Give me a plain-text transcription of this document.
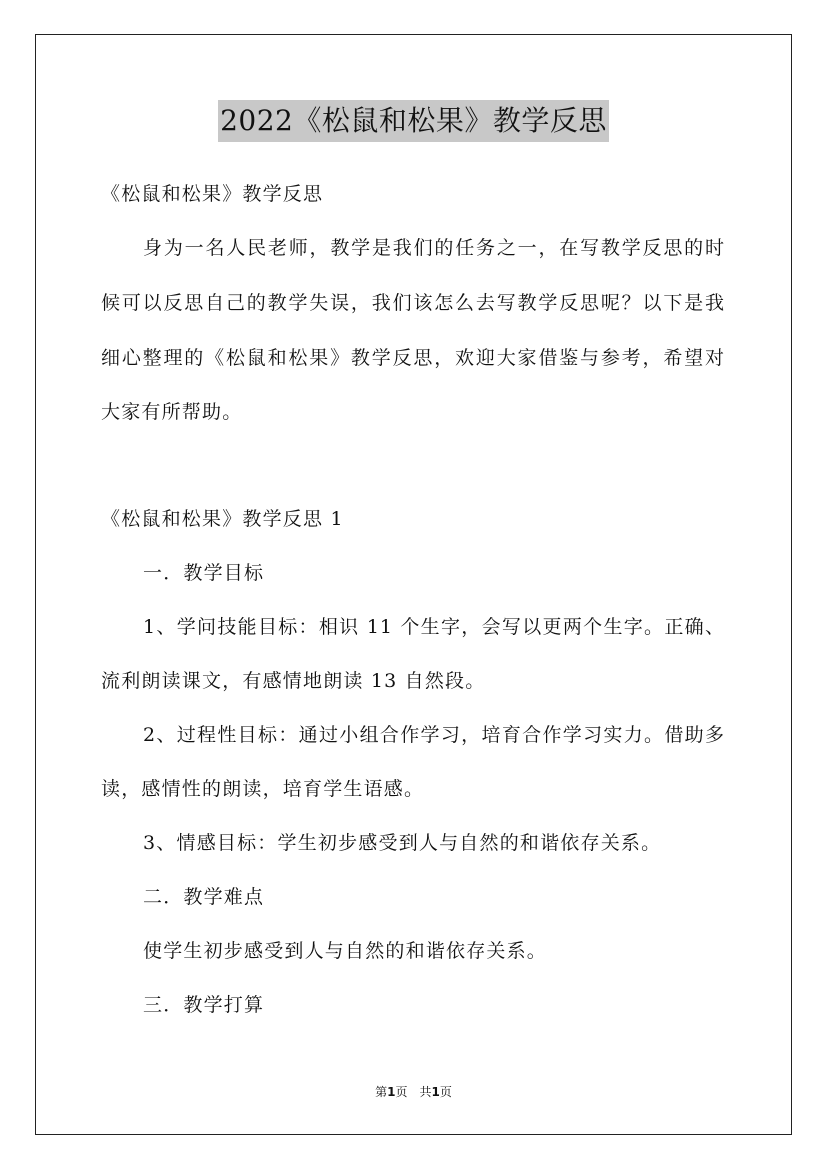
2022《松鼠和松果》教学反思
《松鼠和松果》教学反思
身为一名人民老师，教学是我们的任务之一，在写教学反思的时
候可以反思自己的教学失误，我们该怎么去写教学反思呢？以下是我
细心整理的《松鼠和松果》教学反思，欢迎大家借鉴与参考，希望对
大家有所帮助。
《松鼠和松果》教学反思 1
一．教学目标
1、学问技能目标：相识 11 个生字，会写以更两个生字。正确、
流利朗读课文，有感情地朗读 13 自然段。
2、过程性目标：通过小组合作学习，培育合作学习实力。借助多
读，感情性的朗读，培育学生语感。
3、情感目标：学生初步感受到人与自然的和谐依存关系。
二．教学难点
使学生初步感受到人与自然的和谐依存关系。
三．教学打算
第1页　共1页
